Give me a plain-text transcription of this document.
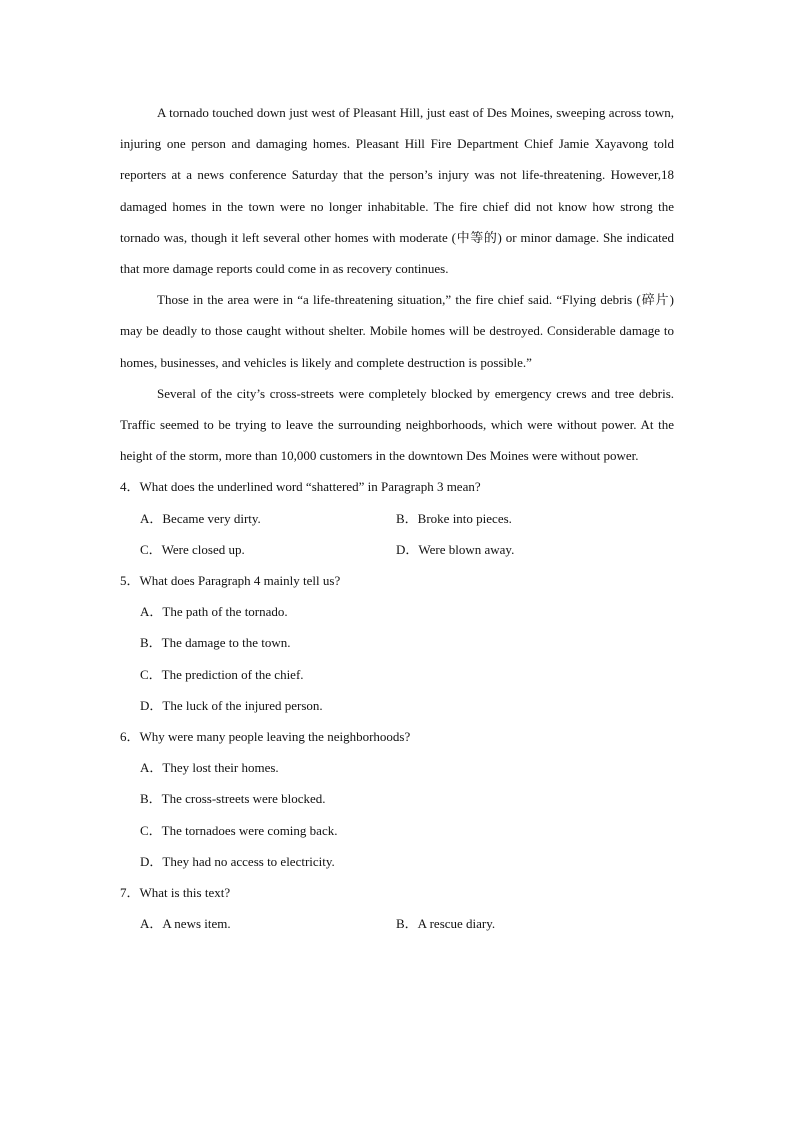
A tornado touched down just west of Pleasant Hill, just east of Des Moines, sweeping across town, injuring one person and damaging homes. Pleasant Hill Fire Department Chief Jamie Xayavong told reporters at a news conference Saturday that the person’s injury was not life-threatening. However,18 damaged homes in the town were no longer inhabitable. The fire chief did not know how strong the tornado was, though it left several other homes with moderate (中等的) or minor damage. She indicated that more damage reports could come in as recovery continues.

Those in the area were in “a life-threatening situation,” the fire chief said. “Flying debris (碎片) may be deadly to those caught without shelter. Mobile homes will be destroyed. Considerable damage to homes, businesses, and vehicles is likely and complete destruction is possible.”

Several of the city’s cross-streets were completely blocked by emergency crews and tree debris. Traffic seemed to be trying to leave the surrounding neighborhoods, which were without power. At the height of the storm, more than 10,000 customers in the downtown Des Moines were without power.

4．What does the underlined word “shattered” in Paragraph 3 mean?

A．Became very dirty.	B．Broke into pieces.
C．Were closed up.	D．Were blown away.

5．What does Paragraph 4 mainly tell us?

A．The path of the tornado.
B．The damage to the town.
C．The prediction of the chief.
D．The luck of the injured person.

6．Why were many people leaving the neighborhoods?

A．They lost their homes.
B．The cross-streets were blocked.
C．The tornadoes were coming back.
D．They had no access to electricity.

7．What is this text?

A．A news item.	B．A rescue diary.
